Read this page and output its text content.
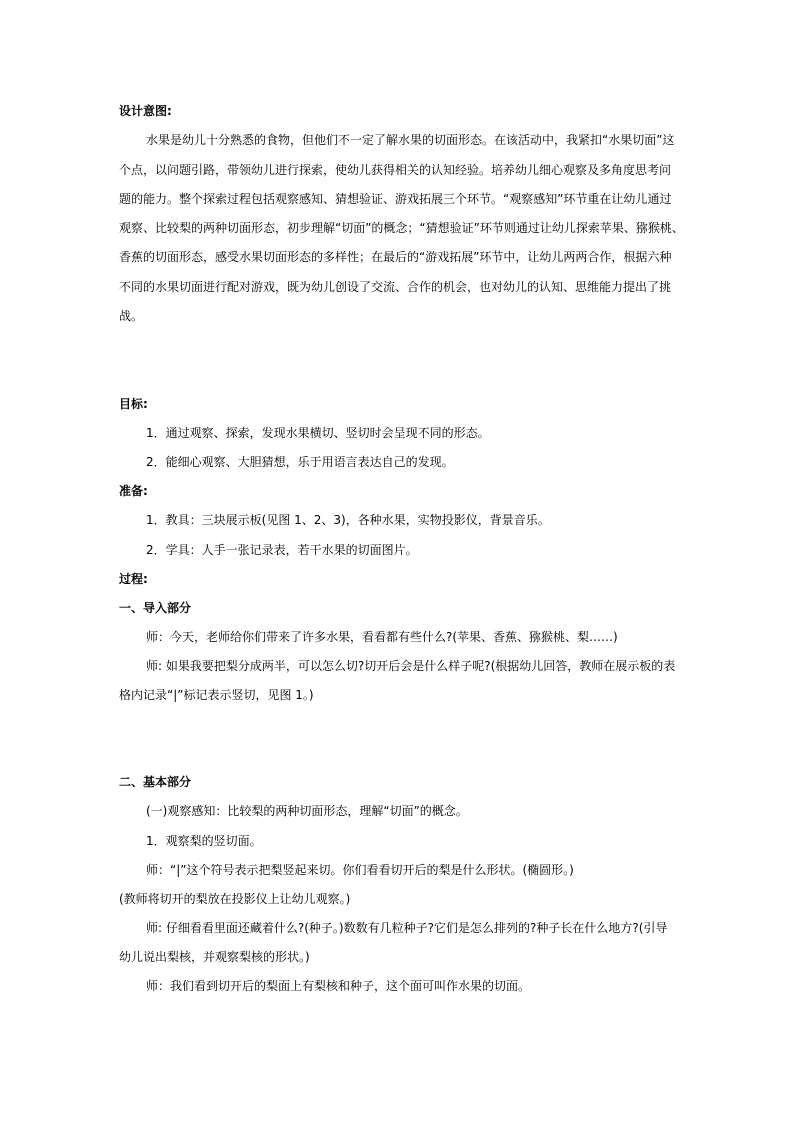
设计意图:
水果是幼儿十分熟悉的食物，但他们不一定了解水果的切面形态。在该活动中，我紧扣“水果切面”这
个点，以问题引路，带领幼儿进行探索，使幼儿获得相关的认知经验。培养幼儿细心观察及多角度思考问
题的能力。整个探索过程包括观察感知、猜想验证、游戏拓展三个环节。“观察感知”环节重在让幼儿通过
观察、比较梨的两种切面形态，初步理解“切面”的概念；“猜想验证”环节则通过让幼儿探索苹果、猕猴桃、
香蕉的切面形态，感受水果切面形态的多样性；在最后的“游戏拓展”环节中，让幼儿两两合作，根据六种
不同的水果切面进行配对游戏，既为幼儿创设了交流、合作的机会，也对幼儿的认知、思维能力提出了挑
战。
目标:
1．通过观察、探索，发现水果横切、竖切时会呈现不同的形态。
2．能细心观察、大胆猜想，乐于用语言表达自己的发现。
准备:
1．教具：三块展示板(见图 1、2、3)，各种水果，实物投影仪，背景音乐。
2．学具：人手一张记录表，若干水果的切面图片。
过程:
一、导入部分
师：今天，老师给你们带来了许多水果，看看都有些什么?(苹果、香蕉、猕猴桃、梨……)
师: 如果我要把梨分成两半，可以怎么切?切开后会是什么样子呢?(根据幼儿回答，教师在展示板的表
格内记录“|”标记表示竖切，见图 1。)
二、基本部分
(一)观察感知：比较梨的两种切面形态，理解“切面”的概念。
1．观察梨的竖切面。
师：“|”这个符号表示把梨竖起来切。你们看看切开后的梨是什么形状。(椭圆形。)
(教师将切开的梨放在投影仪上让幼儿观察。)
师: 仔细看看里面还藏着什么?(种子。)数数有几粒种子?它们是怎么排列的?种子长在什么地方?(引导
幼儿说出梨核，并观察梨核的形状。)
师：我们看到切开后的梨面上有梨核和种子，这个面可叫作水果的切面。
